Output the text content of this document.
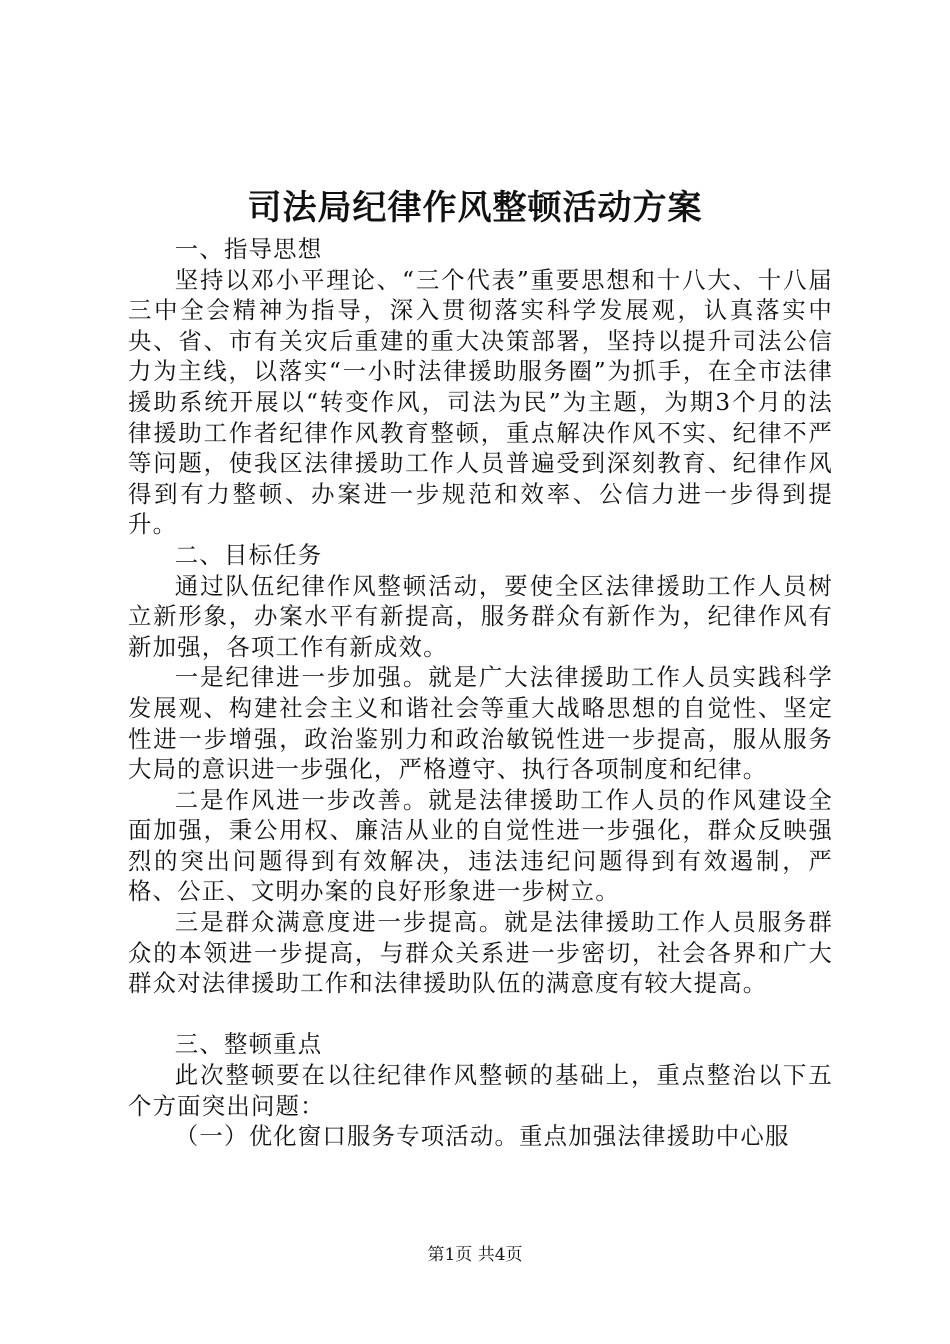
司法局纪律作风整顿活动方案

一、指导思想

坚持以邓小平理论、“三个代表”重要思想和十八大、十八届三中全会精神为指导，深入贯彻落实科学发展观，认真落实中央、省、市有关灾后重建的重大决策部署，坚持以提升司法公信力为主线，以落实“一小时法律援助服务圈”为抓手，在全市法律援助系统开展以“转变作风，司法为民”为主题，为期3个月的法律援助工作者纪律作风教育整顿，重点解决作风不实、纪律不严等问题，使我区法律援助工作人员普遍受到深刻教育、纪律作风得到有力整顿、办案进一步规范和效率、公信力进一步得到提升。

二、目标任务

通过队伍纪律作风整顿活动，要使全区法律援助工作人员树立新形象，办案水平有新提高，服务群众有新作为，纪律作风有新加强，各项工作有新成效。

一是纪律进一步加强。就是广大法律援助工作人员实践科学发展观、构建社会主义和谐社会等重大战略思想的自觉性、坚定性进一步增强，政治鉴别力和政治敏锐性进一步提高，服从服务大局的意识进一步强化，严格遵守、执行各项制度和纪律。

二是作风进一步改善。就是法律援助工作人员的作风建设全面加强，秉公用权、廉洁从业的自觉性进一步强化，群众反映强烈的突出问题得到有效解决，违法违纪问题得到有效遏制，严格、公正、文明办案的良好形象进一步树立。

三是群众满意度进一步提高。就是法律援助工作人员服务群众的本领进一步提高，与群众关系进一步密切，社会各界和广大群众对法律援助工作和法律援助队伍的满意度有较大提高。

三、整顿重点

此次整顿要在以往纪律作风整顿的基础上，重点整治以下五个方面突出问题：

（一）优化窗口服务专项活动。重点加强法律援助中心服

第1页 共4页
